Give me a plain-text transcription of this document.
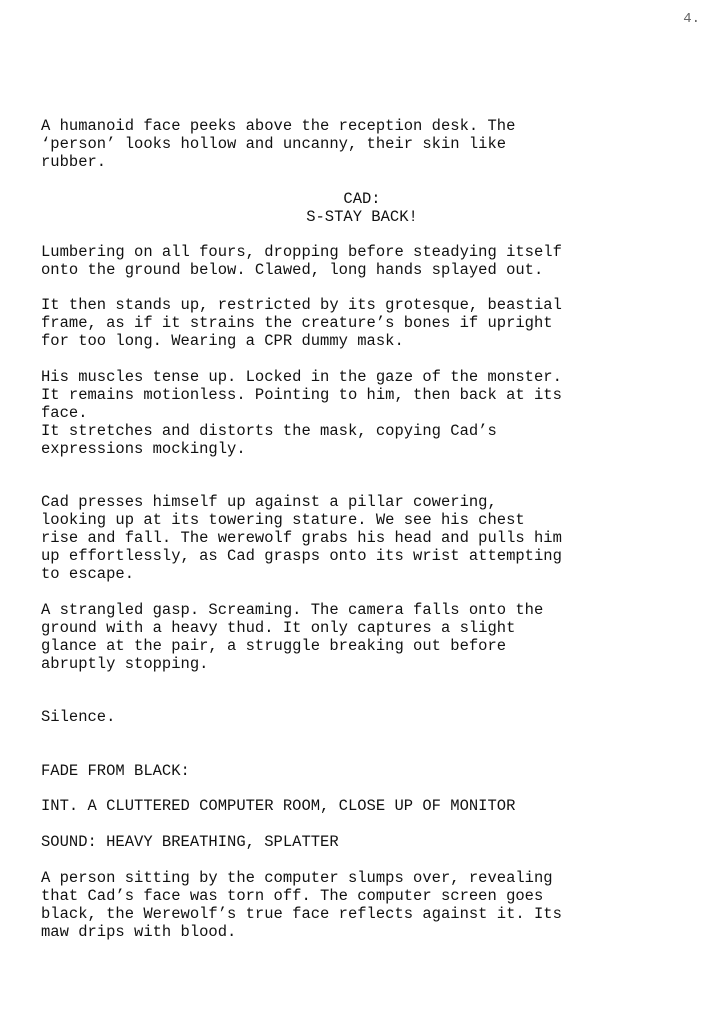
4.
A humanoid face peeks above the reception desk. The
‘person’ looks hollow and uncanny, their skin like
rubber.
CAD:
S-STAY BACK!
Lumbering on all fours, dropping before steadying itself
onto the ground below. Clawed, long hands splayed out.
It then stands up, restricted by its grotesque, beastial
frame, as if it strains the creature’s bones if upright
for too long. Wearing a CPR dummy mask.
His muscles tense up. Locked in the gaze of the monster.
It remains motionless. Pointing to him, then back at its
face.
It stretches and distorts the mask, copying Cad’s
expressions mockingly.
Cad presses himself up against a pillar cowering,
looking up at its towering stature. We see his chest
rise and fall. The werewolf grabs his head and pulls him
up effortlessly, as Cad grasps onto its wrist attempting
to escape.
A strangled gasp. Screaming. The camera falls onto the
ground with a heavy thud. It only captures a slight
glance at the pair, a struggle breaking out before
abruptly stopping.
Silence.
FADE FROM BLACK:
INT. A CLUTTERED COMPUTER ROOM, CLOSE UP OF MONITOR
SOUND: HEAVY BREATHING, SPLATTER
A person sitting by the computer slumps over, revealing
that Cad’s face was torn off. The computer screen goes
black, the Werewolf’s true face reflects against it. Its
maw drips with blood.
